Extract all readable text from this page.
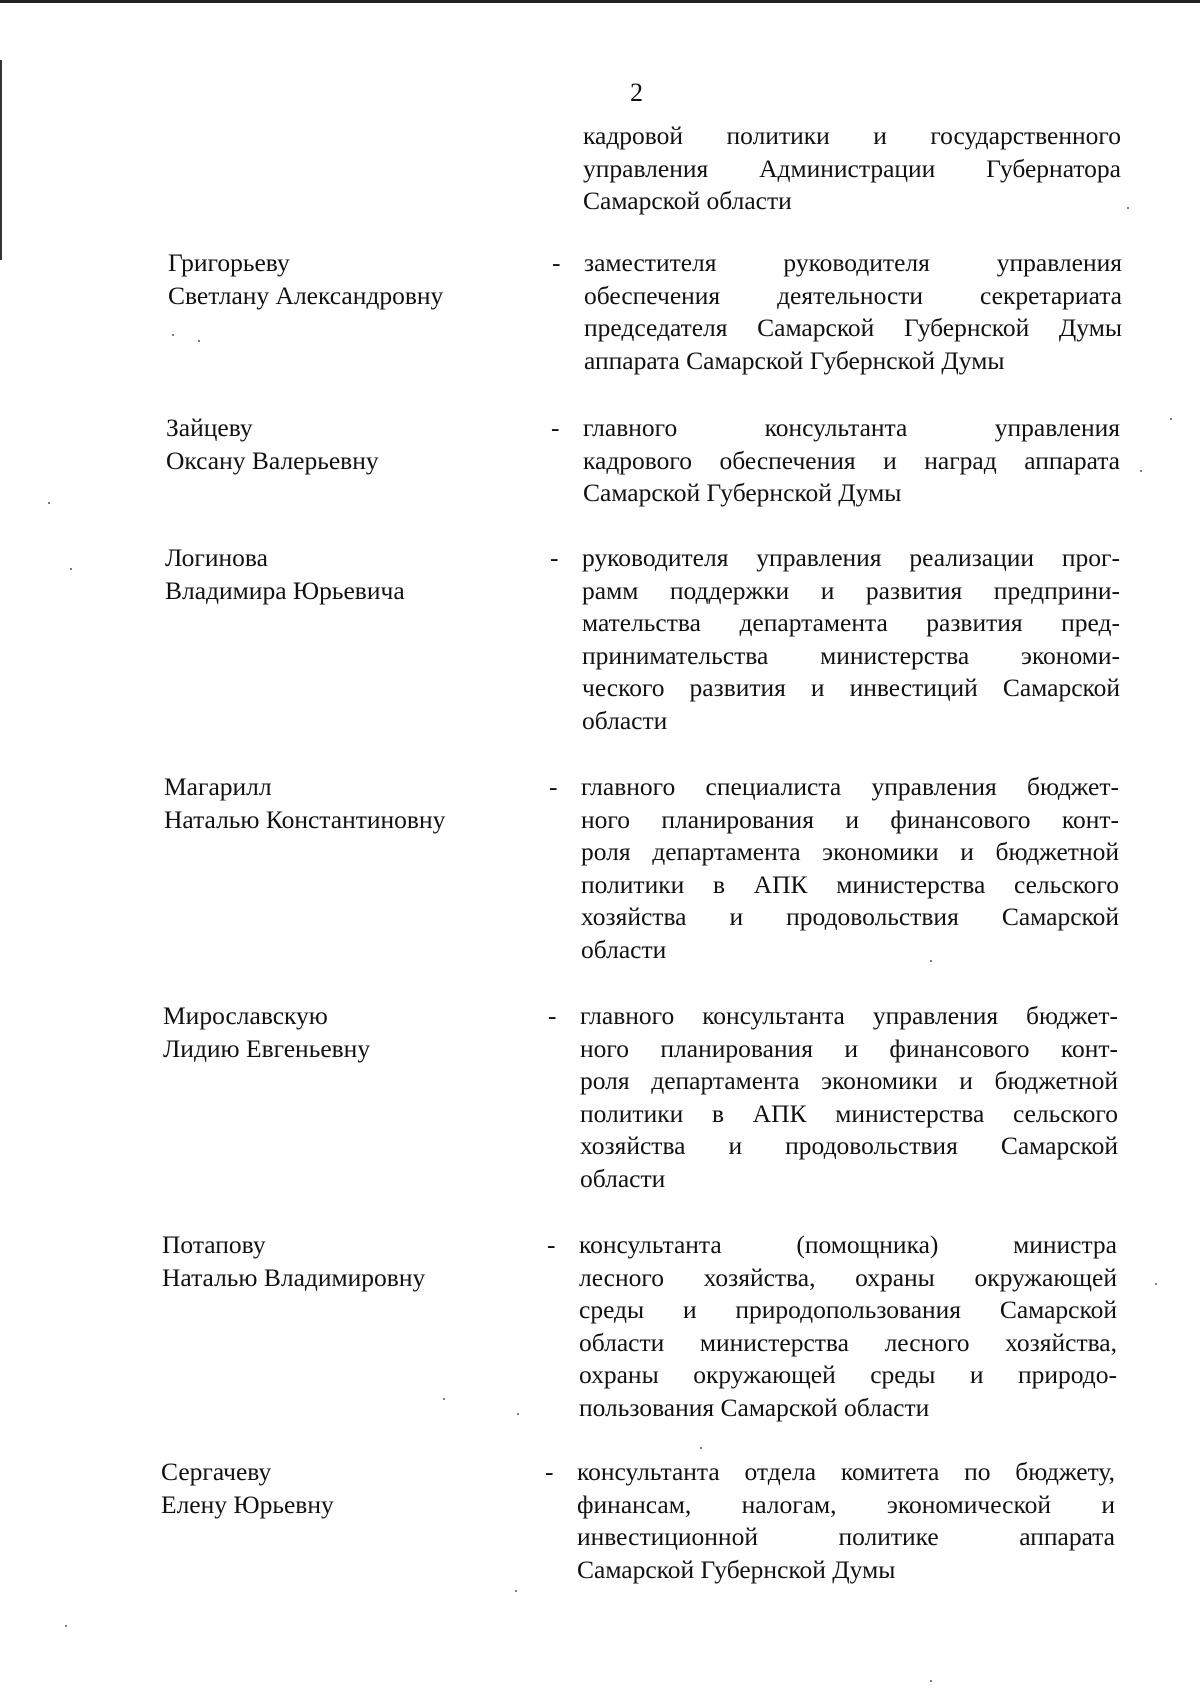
2
кадровой политики и государственного
управления Администрации Губернатора
Самарской области
Григорьеву
Светлану Александровну
- заместителя руководителя управления
обеспечения деятельности секретариата
председателя Самарской Губернской Думы
аппарата Самарской Губернской Думы
Зайцеву
Оксану Валерьевну
- главного консультанта управления
кадрового обеспечения и наград аппарата
Самарской Губернской Думы
Логинова
Владимира Юрьевича
- руководителя управления реализации прог-
рамм поддержки и развития предприни-
мательства департамента развития пред-
принимательства министерства экономи-
ческого развития и инвестиций Самарской
области
Магарилл
Наталью Константиновну
- главного специалиста управления бюджет-
ного планирования и финансового конт-
роля департамента экономики и бюджетной
политики в АПК министерства сельского
хозяйства и продовольствия Самарской
области
Мирославскую
Лидию Евгеньевну
- главного консультанта управления бюджет-
ного планирования и финансового конт-
роля департамента экономики и бюджетной
политики в АПК министерства сельского
хозяйства и продовольствия Самарской
области
Потапову
Наталью Владимировну
- консультанта (помощника) министра
лесного хозяйства, охраны окружающей
среды и природопользования Самарской
области министерства лесного хозяйства,
охраны окружающей среды и природо-
пользования Самарской области
Сергачеву
Елену Юрьевну
- консультанта отдела комитета по бюджету,
финансам, налогам, экономической и
инвестиционной политике аппарата
Самарской Губернской Думы
